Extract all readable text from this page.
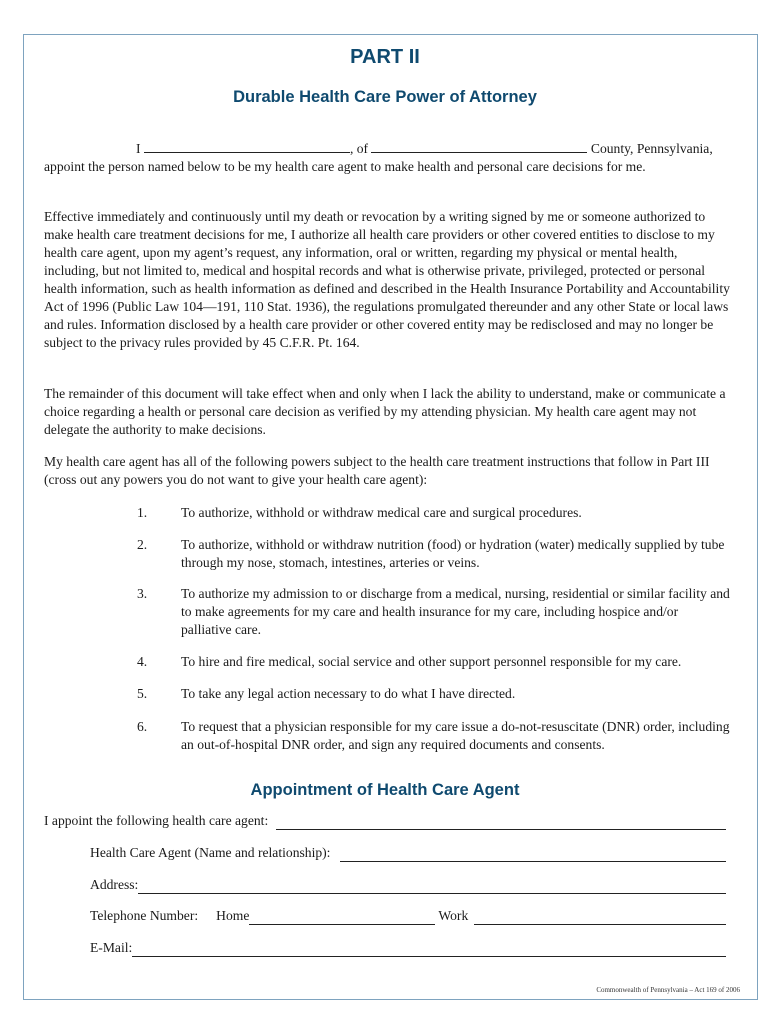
PART II
Durable Health Care Power of Attorney
I	, of	County, Pennsylvania, appoint the person named below to be my health care agent to make health and personal care decisions for me.
Effective immediately and continuously until my death or revocation by a writing signed by me or someone authorized to make health care treatment decisions for me, I authorize all health care providers or other covered entities to disclose to my health care agent, upon my agent’s request, any information, oral or written, regarding my physical or mental health, including, but not limited to, medical and hospital records and what is otherwise private, privileged, protected or personal health information, such as health information as defined and described in the Health Insurance Portability and Accountability Act of 1996 (Public Law 104—191, 110 Stat. 1936), the regulations promulgated thereunder and any other State or local laws and rules. Information disclosed by a health care provider or other covered entity may be redisclosed and may no longer be subject to the privacy rules provided by 45 C.F.R. Pt. 164.
The remainder of this document will take effect when and only when I lack the ability to understand, make or communicate a choice regarding a health or personal care decision as verified by my attending physician. My health care agent may not delegate the authority to make decisions.
My health care agent has all of the following powers subject to the health care treatment instructions that follow in Part III (cross out any powers you do not want to give your health care agent):
1. To authorize, withhold or withdraw medical care and surgical procedures.
2. To authorize, withhold or withdraw nutrition (food) or hydration (water) medically supplied by tube through my nose, stomach, intestines, arteries or veins.
3. To authorize my admission to or discharge from a medical, nursing, residential or similar facility and to make agreements for my care and health insurance for my care, including hospice and/or palliative care.
4. To hire and fire medical, social service and other support personnel responsible for my care.
5. To take any legal action necessary to do what I have directed.
6. To request that a physician responsible for my care issue a do-not-resuscitate (DNR) order, including an out-of-hospital DNR order, and sign any required documents and consents.
Appointment of Health Care Agent
I appoint the following health care agent:
Health Care Agent (Name and relationship):
Address:
Telephone Number: Home	Work
E-Mail:
Commonwealth of Pennsylvania – Act 169 of 2006
